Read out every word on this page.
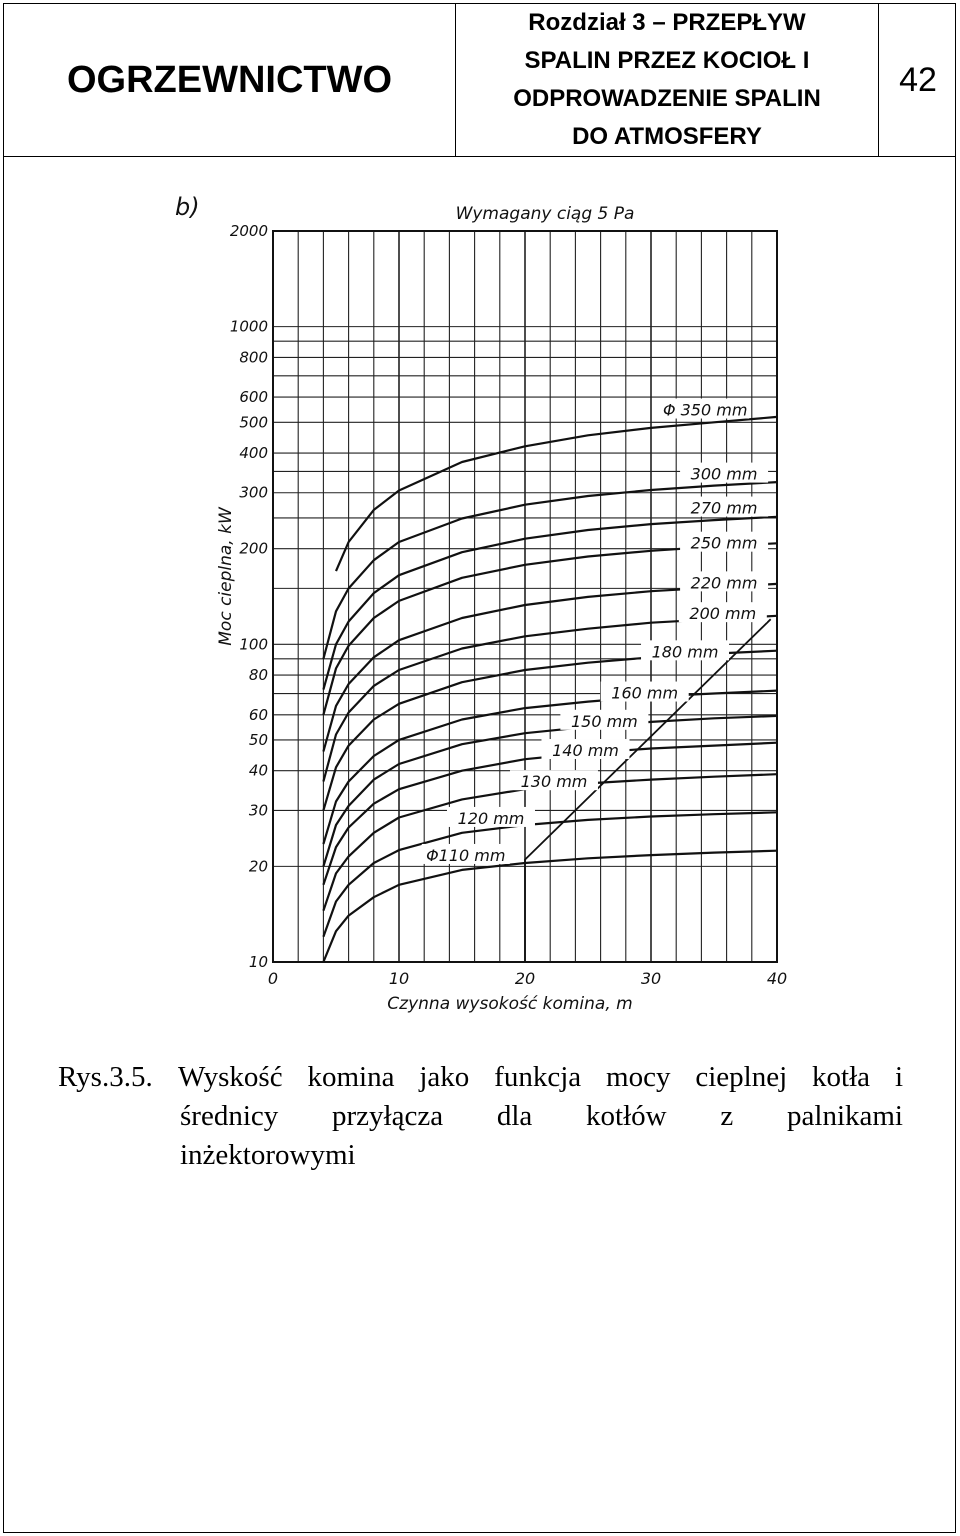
OGRZEWNICTWO
Rozdział 3 – PRZEPŁYW
SPALIN PRZEZ KOCIOŁ I
ODPROWADZENIE SPALIN
DO ATMOSFERY
42
10
20
30
40
50
60
80
100
200
300
400
500
600
800
1000
2000
0	10	20	30	40
Φ110 mm
120 mm
130 mm
140 mm
150 mm
160 mm
180 mm
200 mm
220 mm
250 mm
270 mm
300 mm
Φ 350 mm
b)	Wymagany ciąg 5 Pa
Czynna wysokość komina, m
Moc cieplna, kW
Rys.3.5. Wyskość komina jako funkcja mocy cieplnej kotła i
średnicy przyłącza dla kotłów z palnikami
inżektorowymi
